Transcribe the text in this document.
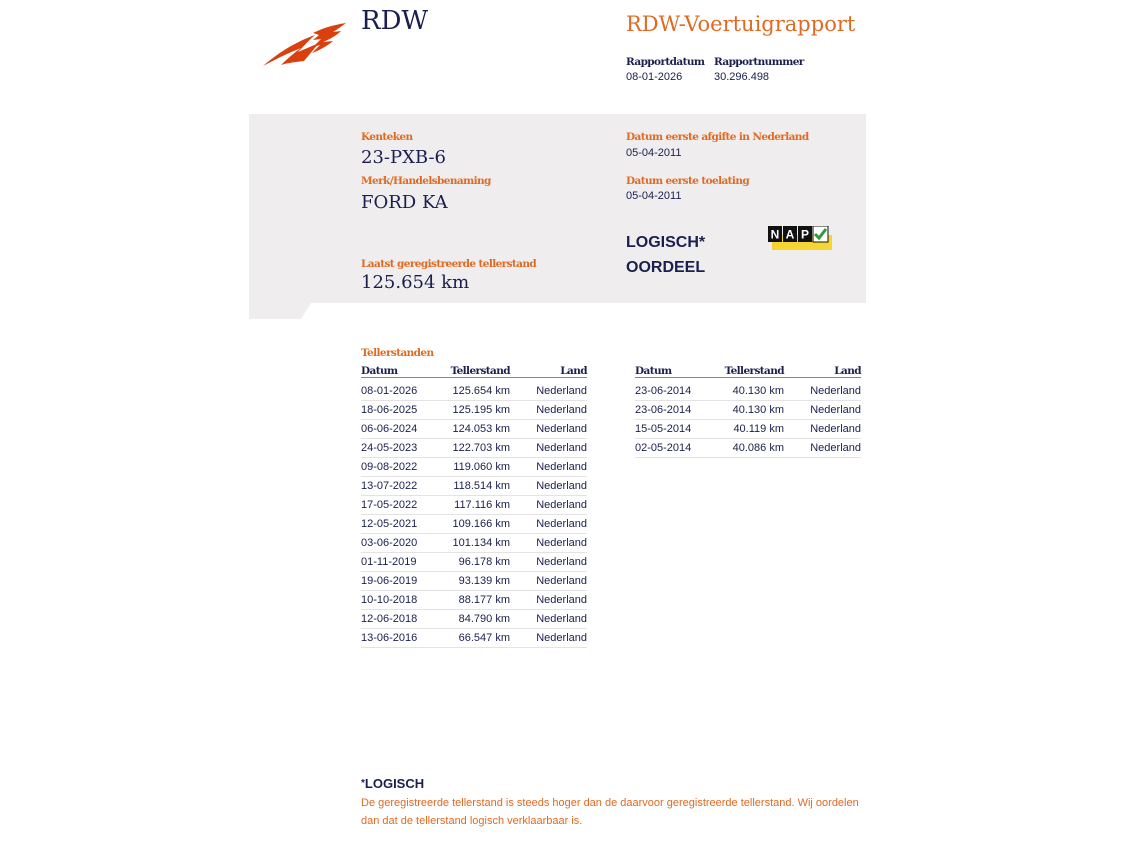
RDW	RDW-Voertuigrapport
Rapportdatum Rapportnummer
08-01-2026	30.296.498
Kenteken
23-PXB-6
Merk/Handelsbenaming
FORD KA
Laatst geregistreerde tellerstand
125.654 km
Datum eerste afgifte in Nederland
05-04-2011
Datum eerste toelating
05-04-2011
LOGISCH*
OORDEEL
N A P
Tellerstanden
Datum	Tellerstand	Land
08-01-2026	125.654 km	Nederland
18-06-2025	125.195 km	Nederland
06-06-2024	124.053 km	Nederland
24-05-2023	122.703 km	Nederland
09-08-2022	119.060 km	Nederland
13-07-2022	118.514 km	Nederland
17-05-2022	117.116 km	Nederland
12-05-2021	109.166 km	Nederland
03-06-2020	101.134 km	Nederland
01-11-2019	96.178 km	Nederland
19-06-2019	93.139 km	Nederland
10-10-2018	88.177 km	Nederland
12-06-2018	84.790 km	Nederland
13-06-2016	66.547 km	Nederland
Datum	Tellerstand	Land
23-06-2014	40.130 km	Nederland
23-06-2014	40.130 km	Nederland
15-05-2014	40.119 km	Nederland
02-05-2014	40.086 km	Nederland
*LOGISCH
De geregistreerde tellerstand is steeds hoger dan de daarvoor geregistreerde tellerstand. Wij oordelen dan dat de tellerstand logisch verklaarbaar is.
